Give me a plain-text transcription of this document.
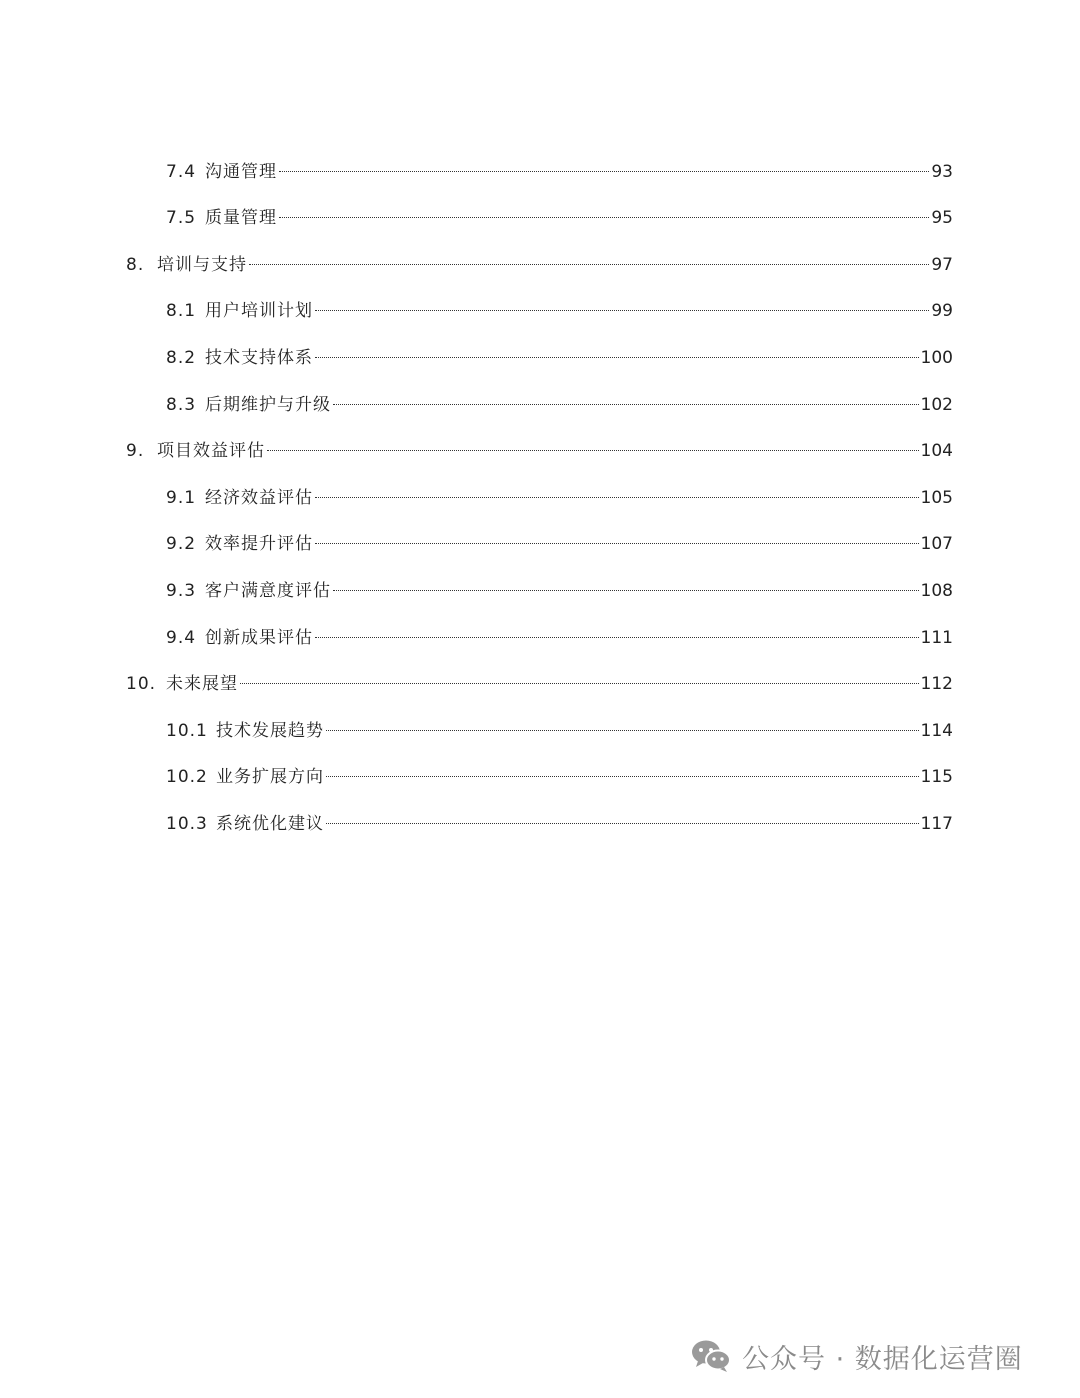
7.4 沟通管理	93
7.5 质量管理	95
8. 培训与支持	97
8.1 用户培训计划	99
8.2 技术支持体系	100
8.3 后期维护与升级	102
9. 项目效益评估	104
9.1 经济效益评估	105
9.2 效率提升评估	107
9.3 客户满意度评估	108
9.4 创新成果评估	111
10. 未来展望	112
10.1 技术发展趋势	114
10.2 业务扩展方向	115
10.3 系统优化建议	117
公众号 · 数据化运营圈
